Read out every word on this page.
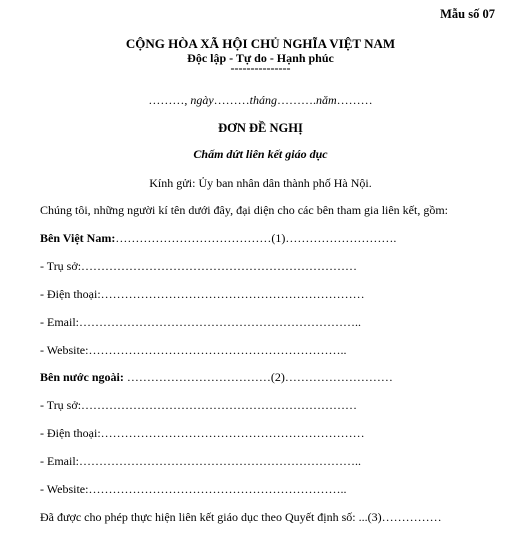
Mẫu số 07
CỘNG HÒA XÃ HỘI CHỦ NGHĨA VIỆT NAM
Độc lập - Tự do - Hạnh phúc
---------------
………, ngày………tháng……….năm………
ĐƠN ĐỀ NGHỊ
Chấm dứt liên kết giáo dục
Kính gửi: Ủy ban nhân dân thành phố Hà Nội.
Chúng tôi, những người kí tên dưới đây, đại diện cho các bên tham gia liên kết, gồm:
Bên Việt Nam:…………………………………(1)……………………….
- Trụ sở:……………………………………………………………
- Điện thoại:…………………………………………………………
- Email:……………………………………………………………..
- Website:………………………………………………………..
Bên nước ngoài: ………………………………(2)………………………
- Trụ sở:……………………………………………………………
- Điện thoại:…………………………………………………………
- Email:……………………………………………………………..
- Website:………………………………………………………..
Đã được cho phép thực hiện liên kết giáo dục theo Quyết định số: ...(3)……………
